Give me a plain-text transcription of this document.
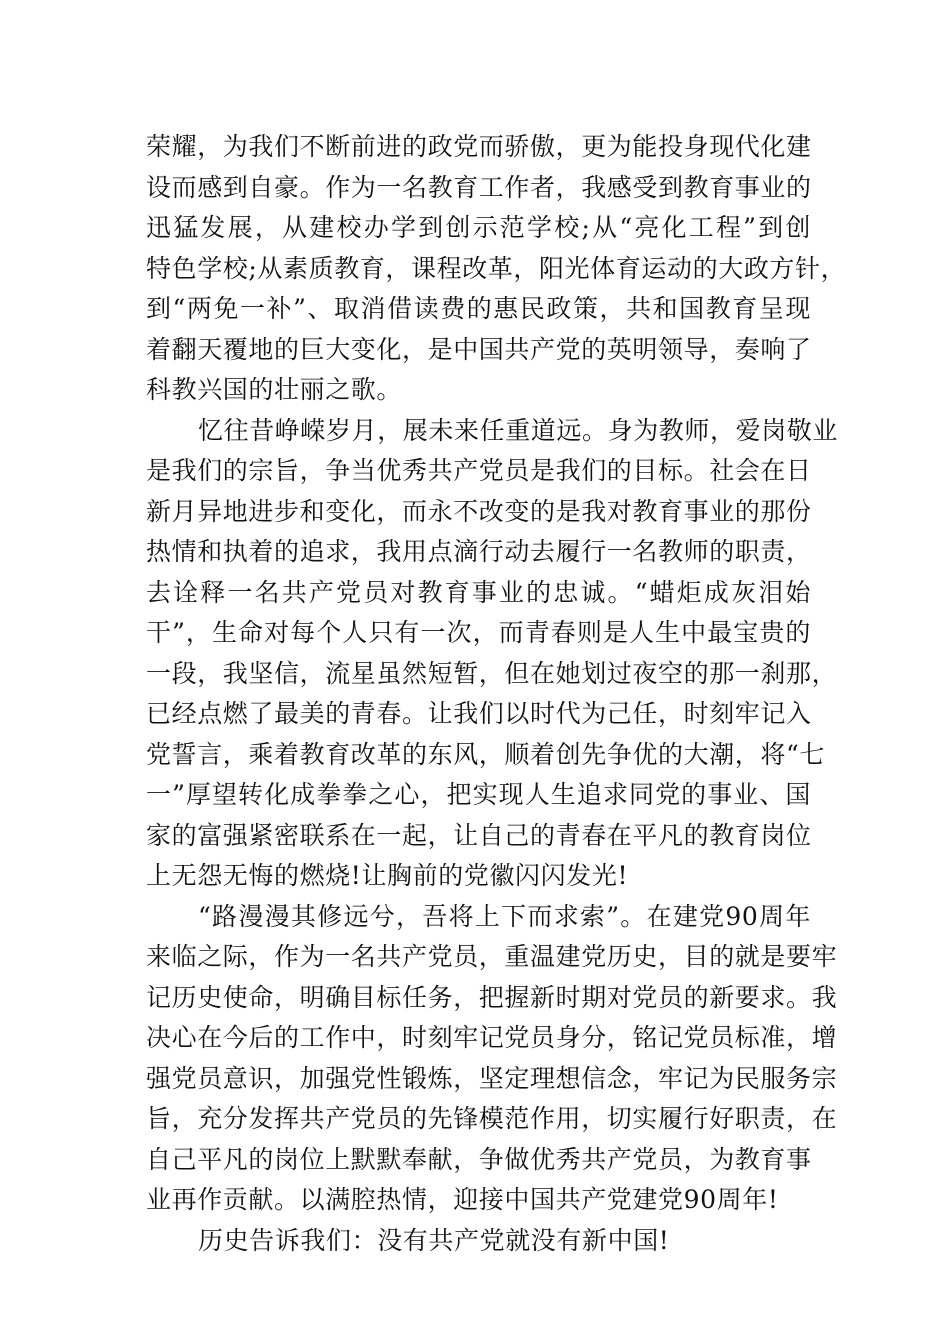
荣耀，为我们不断前进的政党而骄傲，更为能投身现代化建
设而感到自豪。作为一名教育工作者，我感受到教育事业的
迅猛发展，从建校办学到创示范学校;从“亮化工程”到创
特色学校;从素质教育，课程改革，阳光体育运动的大政方针，
到“两免一补”、取消借读费的惠民政策，共和国教育呈现
着翻天覆地的巨大变化，是中国共产党的英明领导，奏响了
科教兴国的壮丽之歌。
忆往昔峥嵘岁月，展未来任重道远。身为教师，爱岗敬业
是我们的宗旨，争当优秀共产党员是我们的目标。社会在日
新月异地进步和变化，而永不改变的是我对教育事业的那份
热情和执着的追求，我用点滴行动去履行一名教师的职责，
去诠释一名共产党员对教育事业的忠诚。“蜡炬成灰泪始
干”，生命对每个人只有一次，而青春则是人生中最宝贵的
一段，我坚信，流星虽然短暂，但在她划过夜空的那一刹那，
已经点燃了最美的青春。让我们以时代为己任，时刻牢记入
党誓言，乘着教育改革的东风，顺着创先争优的大潮，将“七
一”厚望转化成拳拳之心，把实现人生追求同党的事业、国
家的富强紧密联系在一起，让自己的青春在平凡的教育岗位
上无怨无悔的燃烧!让胸前的党徽闪闪发光!
“路漫漫其修远兮，吾将上下而求索”。在建党90周年
来临之际，作为一名共产党员，重温建党历史，目的就是要牢
记历史使命，明确目标任务，把握新时期对党员的新要求。我
决心在今后的工作中，时刻牢记党员身分，铭记党员标准，增
强党员意识，加强党性锻炼，坚定理想信念，牢记为民服务宗
旨，充分发挥共产党员的先锋模范作用，切实履行好职责，在
自己平凡的岗位上默默奉献，争做优秀共产党员，为教育事
业再作贡献。以满腔热情，迎接中国共产党建党90周年!
历史告诉我们：没有共产党就没有新中国!
